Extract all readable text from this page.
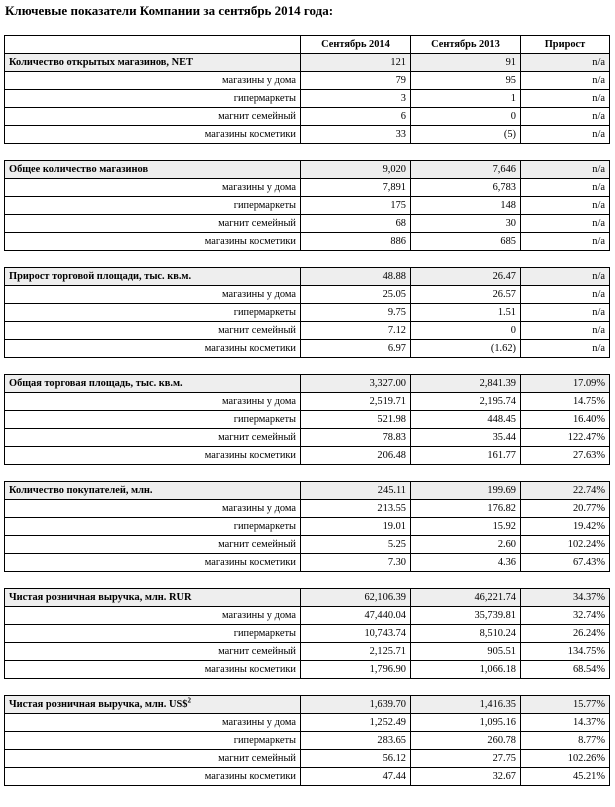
Ключевые показатели Компании за сентябрь 2014 года:
	Сентябрь 2014	Сентябрь 2013	Прирост
Количество открытых магазинов, NET	121	91	n/a
магазины у дома	79	95	n/a
гипермаркеты	3	1	n/a
магнит семейный	6	0	n/a
магазины косметики	33	(5)	n/a

Общее количество магазинов	9,020	7,646	n/a
магазины у дома	7,891	6,783	n/a
гипермаркеты	175	148	n/a
магнит семейный	68	30	n/a
магазины косметики	886	685	n/a

Прирост торговой площади, тыс. кв.м.	48.88	26.47	n/a
магазины у дома	25.05	26.57	n/a
гипермаркеты	9.75	1.51	n/a
магнит семейный	7.12	0	n/a
магазины косметики	6.97	(1.62)	n/a

Общая торговая площадь, тыс. кв.м.	3,327.00	2,841.39	17.09%
магазины у дома	2,519.71	2,195.74	14.75%
гипермаркеты	521.98	448.45	16.40%
магнит семейный	78.83	35.44	122.47%
магазины косметики	206.48	161.77	27.63%

Количество покупателей, млн.	245.11	199.69	22.74%
магазины у дома	213.55	176.82	20.77%
гипермаркеты	19.01	15.92	19.42%
магнит семейный	5.25	2.60	102.24%
магазины косметики	7.30	4.36	67.43%

Чистая розничная выручка, млн. RUR	62,106.39	46,221.74	34.37%
магазины у дома	47,440.04	35,739.81	32.74%
гипермаркеты	10,743.74	8,510.24	26.24%
магнит семейный	2,125.71	905.51	134.75%
магазины косметики	1,796.90	1,066.18	68.54%

Чистая розничная выручка, млн. US\$$^2$	1,639.70	1,416.35	15.77%
магазины у дома	1,252.49	1,095.16	14.37%
гипермаркеты	283.65	260.78	8.77%
магнит семейный	56.12	27.75	102.26%
магазины косметики	47.44	32.67	45.21%
